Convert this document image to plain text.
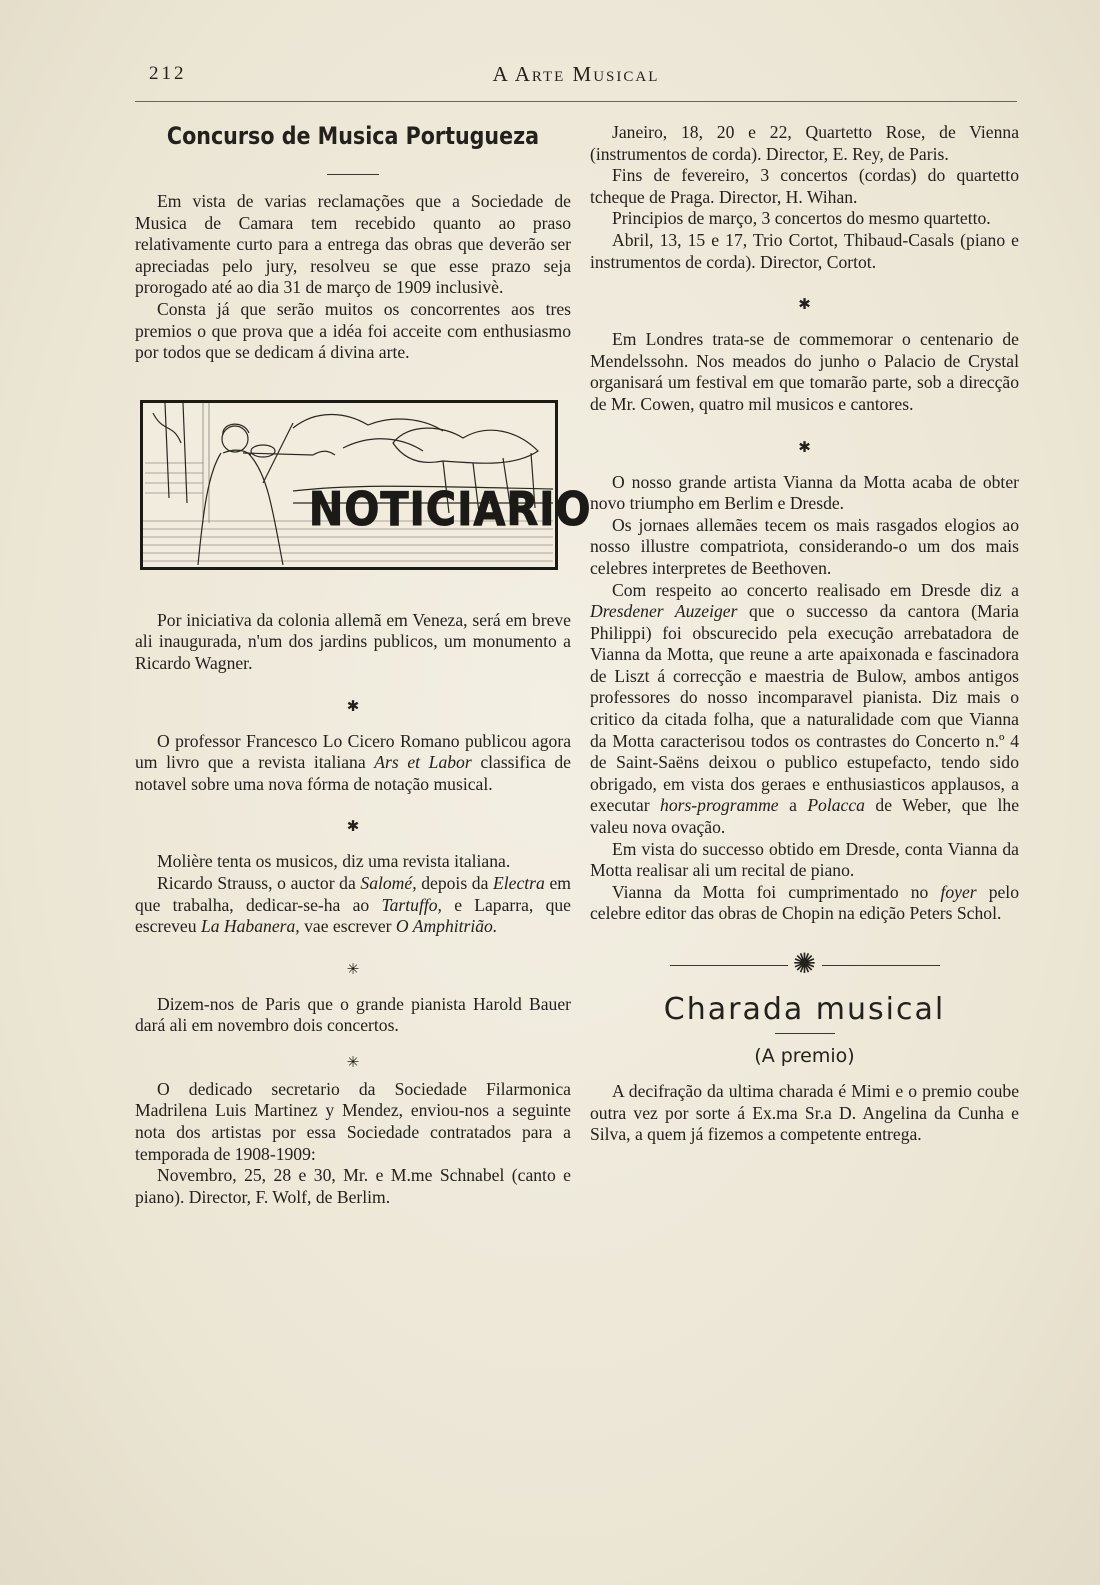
212	A Arte Musical
Concurso de Musica Portugueza

Em vista de varias reclamações que a Sociedade de Musica de Camara tem recebido quanto ao praso relativamente curto para a entrega das obras que deverão ser apreciadas pelo jury, resolveu se que esse prazo seja prorogado até ao dia 31 de março de 1909 inclusivè.

Consta já que serão muitos os concorrentes aos tres premios o que prova que a idéa foi acceite com enthusiasmo por todos que se dedicam á divina arte.

NOTICIARIO

Por iniciativa da colonia allemã em Veneza, será em breve ali inaugurada, n'um dos jardins publicos, um monumento a Ricardo Wagner.

✱

O professor Francesco Lo Cicero Romano publicou agora um livro que a revista italiana Ars et Labor classifica de notavel sobre uma nova fórma de notação musical.

✱

Molière tenta os musicos, diz uma revista italiana.

Ricardo Strauss, o auctor da Salomé, depois da Electra em que trabalha, dedicar-se-ha ao Tartuffo, e Laparra, que escreveu La Habanera, vae escrever O Amphitrião.

✳

Dizem-nos de Paris que o grande pianista Harold Bauer dará ali em novembro dois concertos.

✳

O dedicado secretario da Sociedade Filarmonica Madrilena Luis Martinez y Mendez, enviou-nos a seguinte nota dos artistas por essa Sociedade contratados para a temporada de 1908-1909:

Novembro, 25, 28 e 30, Mr. e M.me Schnabel (canto e piano). Director, F. Wolf, de Berlim.

Janeiro, 18, 20 e 22, Quartetto Rose, de Vienna (instrumentos de corda). Director, E. Rey, de Paris.

Fins de fevereiro, 3 concertos (cordas) do quartetto tcheque de Praga. Director, H. Wihan.

Principios de março, 3 concertos do mesmo quartetto.

Abril, 13, 15 e 17, Trio Cortot, Thibaud-Casals (piano e instrumentos de corda). Director, Cortot.

✱

Em Londres trata-se de commemorar o centenario de Mendelssohn. Nos meados do junho o Palacio de Crystal organisará um festival em que tomarão parte, sob a direcção de Mr. Cowen, quatro mil musicos e cantores.

✱

O nosso grande artista Vianna da Motta acaba de obter novo triumpho em Berlim e Dresde.

Os jornaes allemães tecem os mais rasgados elogios ao nosso illustre compatriota, considerando-o um dos mais celebres interpretes de Beethoven.

Com respeito ao concerto realisado em Dresde diz a Dresdener Auzeiger que o successo da cantora (Maria Philippi) foi obscurecido pela execução arrebatadora de Vianna da Motta, que reune a arte apaixonada e fascinadora de Liszt á correcção e maestria de Bulow, ambos antigos professores do nosso incomparavel pianista. Diz mais o critico da citada folha, que a naturalidade com que Vianna da Motta caracterisou todos os contrastes do Concerto n.º 4 de Saint-Saëns deixou o publico estupefacto, tendo sido obrigado, em vista dos geraes e enthusiasticos applausos, a executar hors-programme a Polacca de Weber, que lhe valeu nova ovação.

Em vista do successo obtido em Dresde, conta Vianna da Motta realisar ali um recital de piano.

Vianna da Motta foi cumprimentado no foyer pelo celebre editor das obras de Chopin na edição Peters Schol.

✺
Charada musical
(A premio)

A decifração da ultima charada é Mimi e o premio coube outra vez por sorte á Ex.ma Sr.a D. Angelina da Cunha e Silva, a quem já fizemos a competente entrega.
